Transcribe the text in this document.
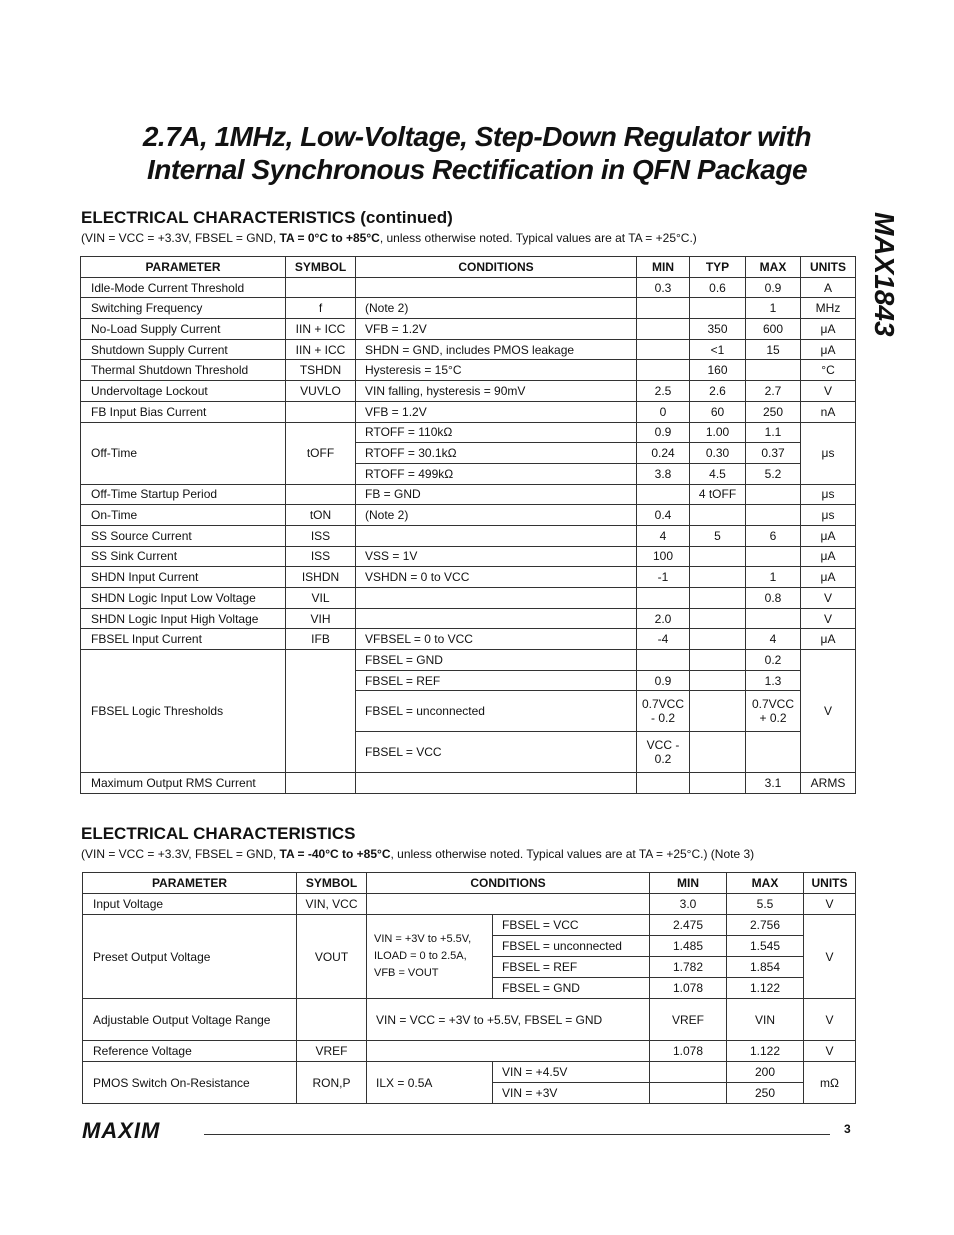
2.7A, 1MHz, Low-Voltage, Step-Down Regulator with
Internal Synchronous Rectification in QFN Package
MAX1843
ELECTRICAL CHARACTERISTICS (continued)
(VIN = VCC = +3.3V, FBSEL = GND, TA = 0°C to +85°C, unless otherwise noted. Typical values are at TA = +25°C.)
PARAMETER	SYMBOL	CONDITIONS	MIN	TYP	MAX	UNITS
Idle-Mode Current Threshold			0.3	0.6	0.9	A
Switching Frequency	f	(Note 2)			1	MHz
No-Load Supply Current	IIN + ICC	VFB = 1.2V		350	600	μA
Shutdown Supply Current	IIN + ICC	SHDN = GND, includes PMOS leakage		<1	15	μA
Thermal Shutdown Threshold	TSHDN	Hysteresis = 15°C		160		°C
Undervoltage Lockout	VUVLO	VIN falling, hysteresis = 90mV	2.5	2.6	2.7	V
FB Input Bias Current		VFB = 1.2V	0	60	250	nA
Off-Time	tOFF	RTOFF = 110kΩ	0.9	1.00	1.1	μs
		RTOFF = 30.1kΩ	0.24	0.30	0.37	
		RTOFF = 499kΩ	3.8	4.5	5.2	
Off-Time Startup Period		FB = GND		4 tOFF		μs
On-Time	tON	(Note 2)	0.4			μs
SS Source Current	ISS		4	5	6	μA
SS Sink Current	ISS	VSS = 1V	100			μA
SHDN Input Current	ISHDN	VSHDN = 0 to VCC	-1		1	μA
SHDN Logic Input Low Voltage	VIL				0.8	V
SHDN Logic Input High Voltage	VIH		2.0			V
FBSEL Input Current	IFB	VFBSEL = 0 to VCC	-4		4	μA
FBSEL Logic Thresholds		FBSEL = GND			0.2	V
		FBSEL = REF	0.9		1.3	
		FBSEL = unconnected	0.7VCC - 0.2		0.7VCC + 0.2	
		FBSEL = VCC	VCC - 0.2			
Maximum Output RMS Current					3.1	ARMS
ELECTRICAL CHARACTERISTICS
(VIN = VCC = +3.3V, FBSEL = GND, TA = -40°C to +85°C, unless otherwise noted. Typical values are at TA = +25°C.) (Note 3)
PARAMETER	SYMBOL	CONDITIONS		MIN	MAX	UNITS
Input Voltage	VIN, VCC			3.0	5.5	V
Preset Output Voltage	VOUT	VIN = +3V to +5.5V, ILOAD = 0 to 2.5A, VFB = VOUT	FBSEL = VCC	2.475	2.756	V
			FBSEL = unconnected	1.485	1.545	
			FBSEL = REF	1.782	1.854	
			FBSEL = GND	1.078	1.122	
Adjustable Output Voltage Range		VIN = VCC = +3V to +5.5V, FBSEL = GND		VREF	VIN	V
Reference Voltage	VREF			1.078	1.122	V
PMOS Switch On-Resistance	RON,P	ILX = 0.5A	VIN = +4.5V		200	mΩ
			VIN = +3V		250	
MAXIM	3
